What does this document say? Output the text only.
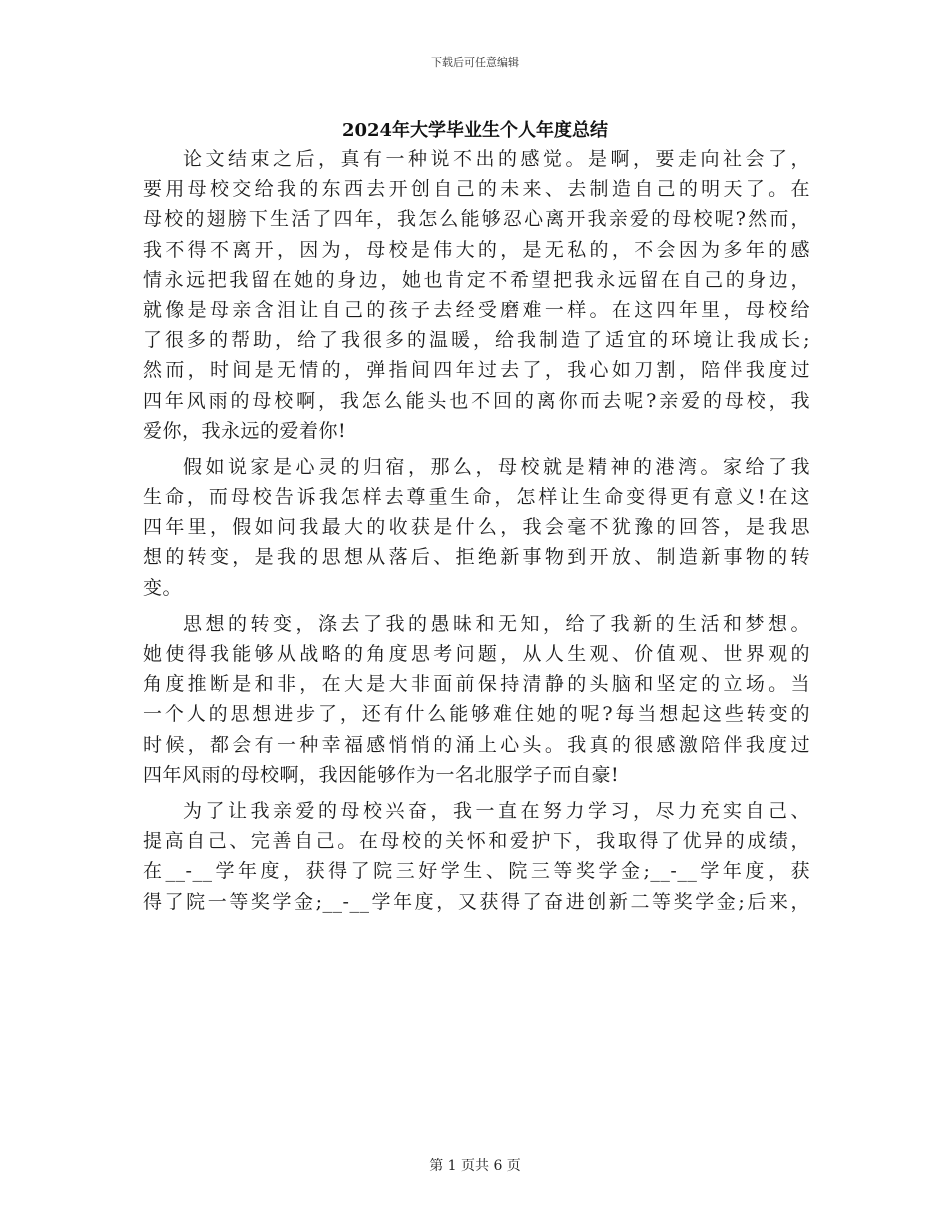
下载后可任意编辑
2024年大学毕业生个人年度总结
论文结束之后，真有一种说不出的感觉。是啊，要走向社会了，
要用母校交给我的东西去开创自己的未来、去制造自己的明天了。在
母校的翅膀下生活了四年，我怎么能够忍心离开我亲爱的母校呢?然而，
我不得不离开，因为，母校是伟大的，是无私的，不会因为多年的感
情永远把我留在她的身边，她也肯定不希望把我永远留在自己的身边，
就像是母亲含泪让自己的孩子去经受磨难一样。在这四年里，母校给
了很多的帮助，给了我很多的温暖，给我制造了适宜的环境让我成长;
然而，时间是无情的，弹指间四年过去了，我心如刀割，陪伴我度过
四年风雨的母校啊，我怎么能头也不回的离你而去呢?亲爱的母校，我
爱你，我永远的爱着你!
假如说家是心灵的归宿，那么，母校就是精神的港湾。家给了我
生命，而母校告诉我怎样去尊重生命，怎样让生命变得更有意义!在这
四年里，假如问我最大的收获是什么，我会毫不犹豫的回答，是我思
想的转变，是我的思想从落后、拒绝新事物到开放、制造新事物的转
变。
思想的转变，涤去了我的愚昧和无知，给了我新的生活和梦想。
她使得我能够从战略的角度思考问题，从人生观、价值观、世界观的
角度推断是和非，在大是大非面前保持清静的头脑和坚定的立场。当
一个人的思想进步了，还有什么能够难住她的呢?每当想起这些转变的
时候，都会有一种幸福感悄悄的涌上心头。我真的很感激陪伴我度过
四年风雨的母校啊，我因能够作为一名北服学子而自豪!
为了让我亲爱的母校兴奋，我一直在努力学习，尽力充实自己、
提高自己、完善自己。在母校的关怀和爱护下，我取得了优异的成绩，
在__-__学年度，获得了院三好学生、院三等奖学金;__-__学年度，获
得了院一等奖学金;__-__学年度，又获得了奋进创新二等奖学金;后来，
第 1 页共 6 页
